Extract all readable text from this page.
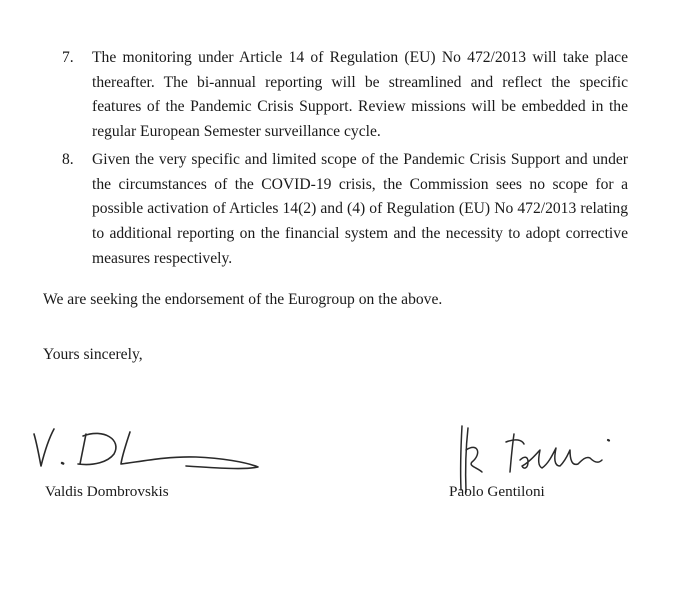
7. The monitoring under Article 14 of Regulation (EU) No 472/2013 will take place thereafter. The bi-annual reporting will be streamlined and reflect the specific features of the Pandemic Crisis Support. Review missions will be embedded in the regular European Semester surveillance cycle.
8. Given the very specific and limited scope of the Pandemic Crisis Support and under the circumstances of the COVID-19 crisis, the Commission sees no scope for a possible activation of Articles 14(2) and (4) of Regulation (EU) No 472/2013 relating to additional reporting on the financial system and the necessity to adopt corrective measures respectively.
We are seeking the endorsement of the Eurogroup on the above.
Yours sincerely,
Valdis Dombrovskis	Paolo Gentiloni
